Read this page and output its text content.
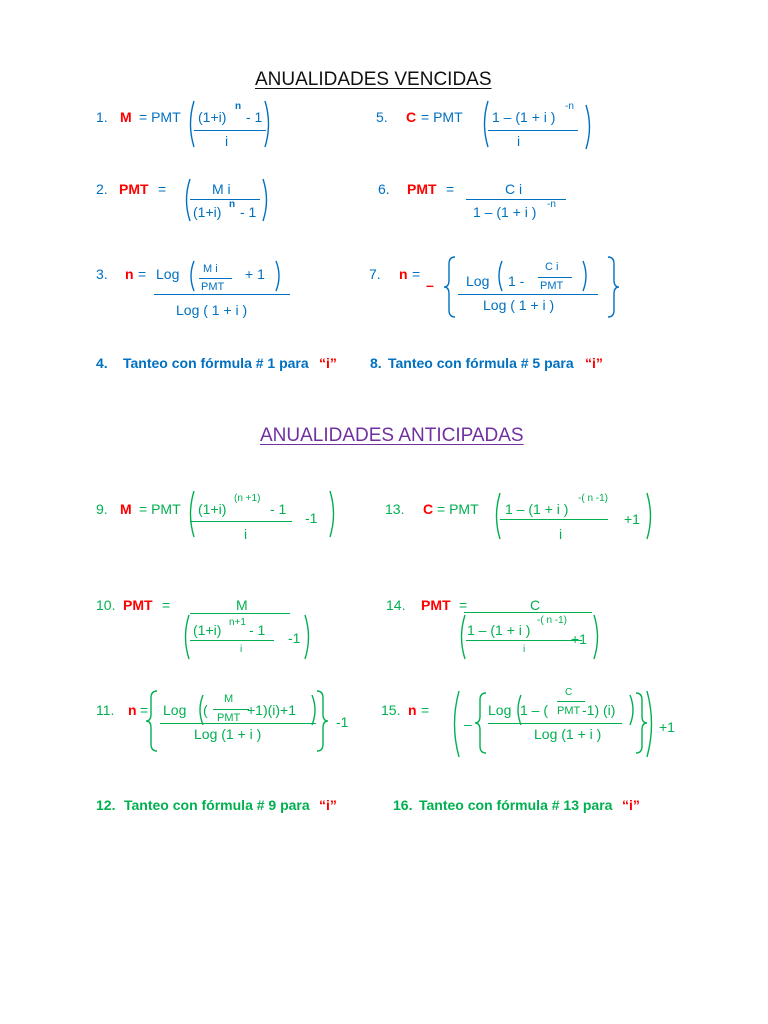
ANUALIDADES VENCIDAS
1. M = PMT (1+i)
n
- 1
i
5. C = PMT 1 – (1 + i )
-n
i
2. PMT =	M i
(1+i) n - 1
6. PMT =	C i
1 – (1 + i ) -n
3. n = Log M i
PMT
+ 1
Log ( 1 + i )
7. n =
– Log 1 -
C i
PMT
Log ( 1 + i )
4. Tanteo con fórmula # 1 para “i” 8. Tanteo con fórmula # 5 para “i”
ANUALIDADES ANTICIPADAS
9. M = PMT (1+i)
(n +1)
- 1
i
-1
13. C = PMT 1 – (1 + i )
-( n -1)
i
+1
10. PMT =	M
(1+i) n+1 - 1
i
-1
14. PMT =	C
1 – (1 + i )
-( n -1)
i
+1
11. n = Log (
M
PMT +1)(i)+1
Log (1 + i )
-1
15. n =
–
Log 1 – (
C
PMT -1) (i)
Log (1 + i )	+1
12. Tanteo con fórmula # 9 para “i”	16. Tanteo con fórmula # 13 para “i”
